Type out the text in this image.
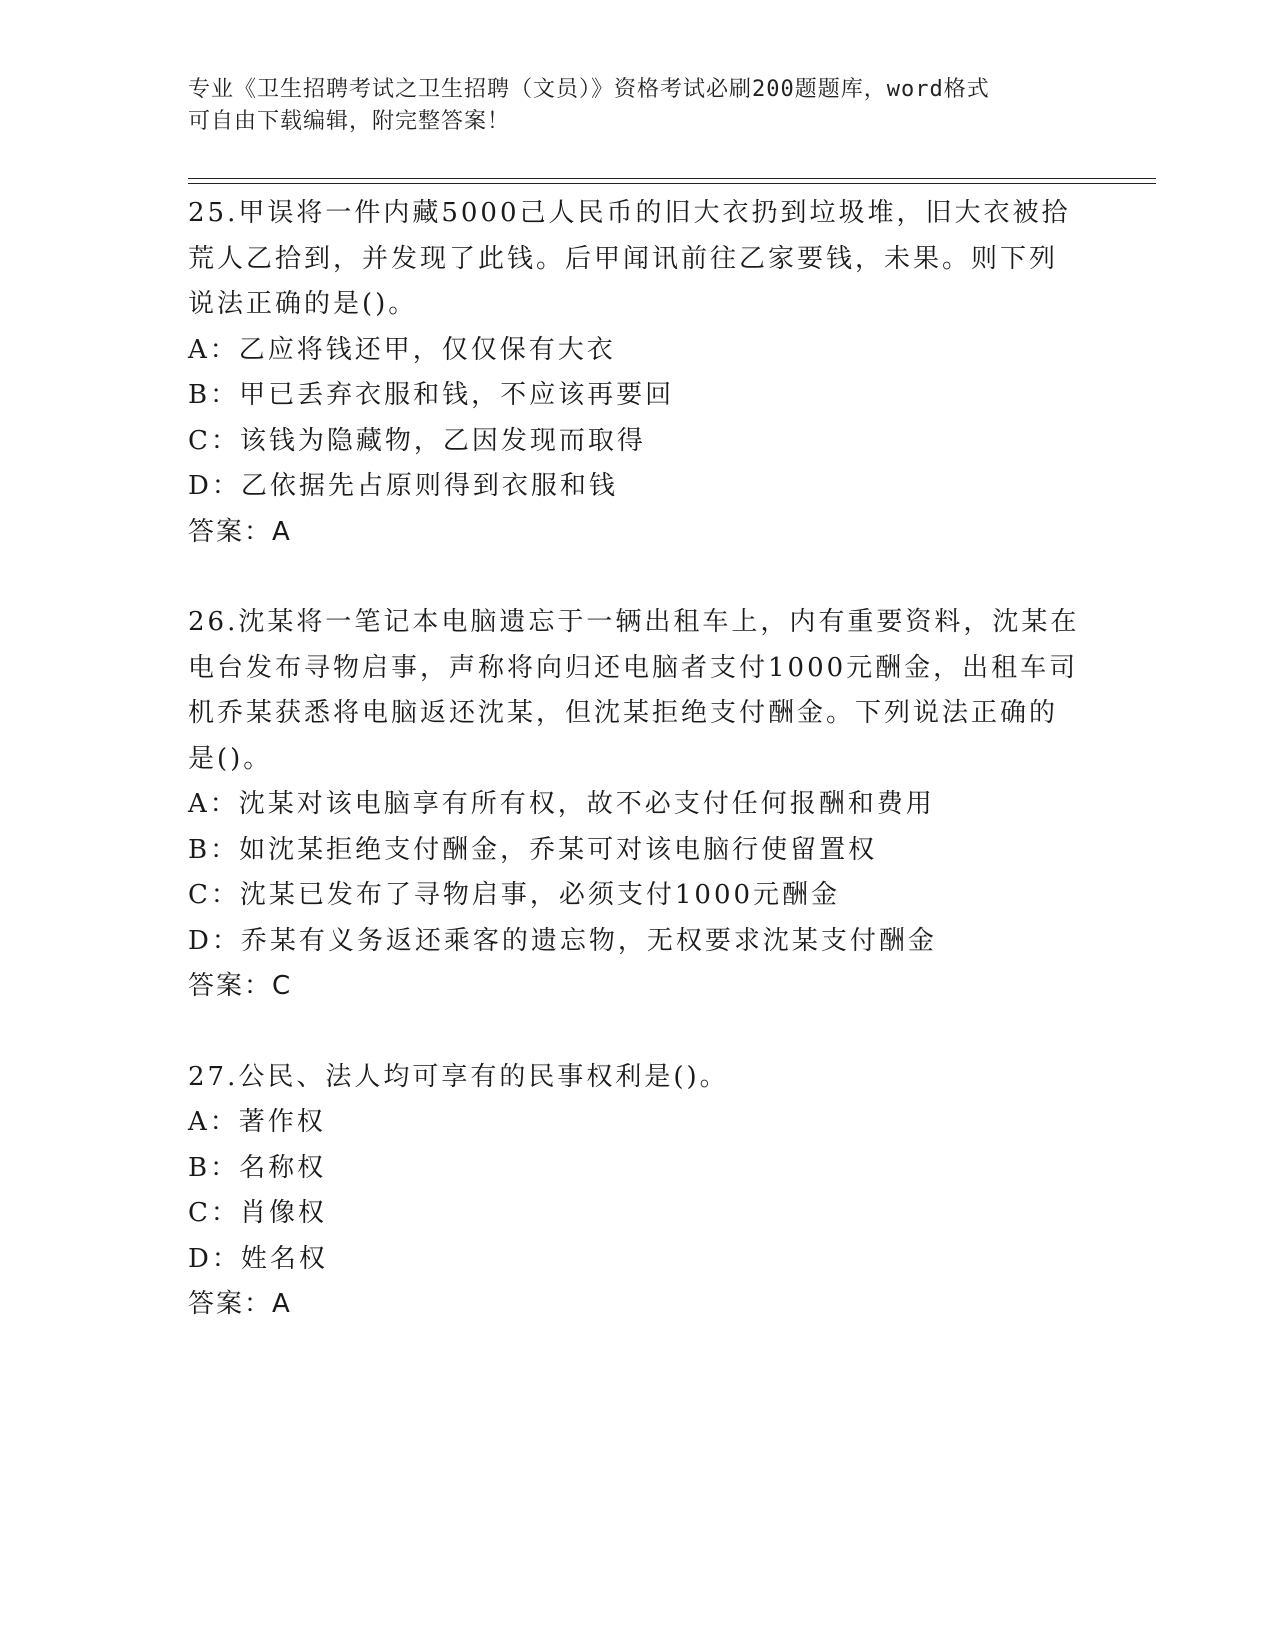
专业《卫生招聘考试之卫生招聘（文员）》资格考试必刷200题题库，word格式
可自由下载编辑，附完整答案！
25.甲误将一件内藏5000己人民币的旧大衣扔到垃圾堆，旧大衣被拾
荒人乙拾到，并发现了此钱。后甲闻讯前往乙家要钱，未果。则下列
说法正确的是()。
A：乙应将钱还甲，仅仅保有大衣
B：甲已丢弃衣服和钱，不应该再要回
C：该钱为隐藏物，乙因发现而取得
D：乙依据先占原则得到衣服和钱
答案：A
26.沈某将一笔记本电脑遗忘于一辆出租车上，内有重要资料，沈某在
电台发布寻物启事，声称将向归还电脑者支付1000元酬金，出租车司
机乔某获悉将电脑返还沈某，但沈某拒绝支付酬金。下列说法正确的
是()。
A：沈某对该电脑享有所有权，故不必支付任何报酬和费用
B：如沈某拒绝支付酬金，乔某可对该电脑行使留置权
C：沈某已发布了寻物启事，必须支付1000元酬金
D：乔某有义务返还乘客的遗忘物，无权要求沈某支付酬金
答案：C
27.公民、法人均可享有的民事权利是()。
A：著作权
B：名称权
C：肖像权
D：姓名权
答案：A
